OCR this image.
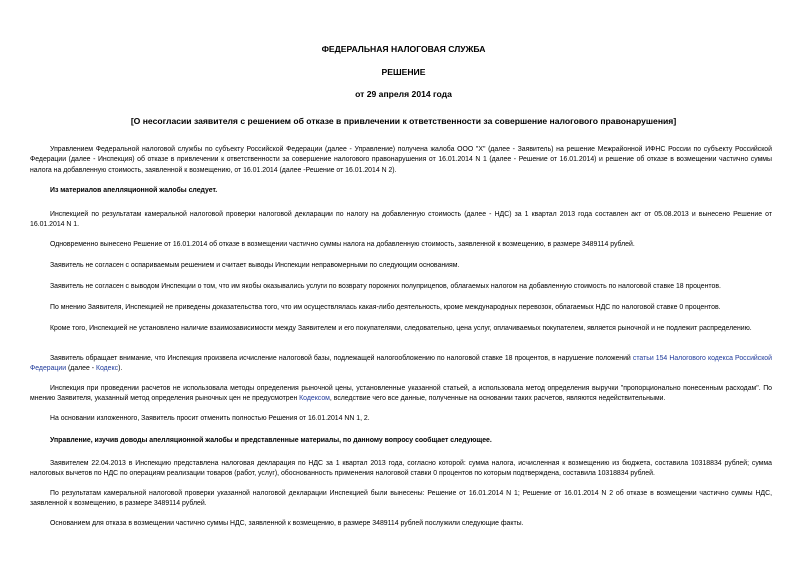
ФЕДЕРАЛЬНАЯ НАЛОГОВАЯ СЛУЖБА
РЕШЕНИЕ
от 29 апреля 2014 года
[О несогласии заявителя с решением об отказе в привлечении к ответственности за совершение налогового правонарушения]
Управлением Федеральной налоговой службы по субъекту Российской Федерации (далее - Управление) получена жалоба ООО "Х" (далее - Заявитель) на решение Межрайонной ИФНС России по субъекту Российской Федерации (далее - Инспекция) об отказе в привлечении к ответственности за совершение налогового правонарушения от 16.01.2014 N 1 (далее - Решение от 16.01.2014) и решение об отказе в возмещении частично суммы налога на добавленную стоимость, заявленной к возмещению, от 16.01.2014 (далее -Решение от 16.01.2014 N 2).
Из материалов апелляционной жалобы следует.
Инспекцией по результатам камеральной налоговой проверки налоговой декларации по налогу на добавленную стоимость (далее - НДС) за 1 квартал 2013 года составлен акт от 05.08.2013 и вынесено Решение от 16.01.2014 N 1.
Одновременно вынесено Решение от 16.01.2014 об отказе в возмещении частично суммы налога на добавленную стоимость, заявленной к возмещению, в размере 3489114 рублей.
Заявитель не согласен с оспариваемым решением и считает выводы Инспекции неправомерными по следующим основаниям.
Заявитель не согласен с выводом Инспекции о том, что им якобы оказывались услуги по возврату порожних полуприцепов, облагаемых налогом на добавленную стоимость по налоговой ставке 18 процентов.
По мнению Заявителя, Инспекцией не приведены доказательства того, что им осуществлялась какая-либо деятельность, кроме международных перевозок, облагаемых НДС по налоговой ставке 0 процентов.
Кроме того, Инспекцией не установлено наличие взаимозависимости между Заявителем и его покупателями, следовательно, цена услуг, оплачиваемых покупателем, является рыночной и не подлежит распределению.
Заявитель обращает внимание, что Инспекция произвела исчисление налоговой базы, подлежащей налогообложению по налоговой ставке 18 процентов, в нарушение положений статьи 154 Налогового кодекса Российской Федерации (далее - Кодекс).
Инспекция при проведении расчетов не использовала методы определения рыночной цены, установленные указанной статьей, а использовала метод определения выручки "пропорционально понесенным расходам". По мнению Заявителя, указанный метод определения рыночных цен не предусмотрен Кодексом, вследствие чего все данные, полученные на основании таких расчетов, являются недействительными.
На основании изложенного, Заявитель просит отменить полностью Решения от 16.01.2014 NN 1, 2.
Управление, изучив доводы апелляционной жалобы и представленные материалы, по данному вопросу сообщает следующее.
Заявителем 22.04.2013 в Инспекцию представлена налоговая декларация по НДС за 1 квартал 2013 года, согласно которой: сумма налога, исчисленная к возмещению из бюджета, составила 10318834 рублей; сумма налоговых вычетов по НДС по операциям реализации товаров (работ, услуг), обоснованность применения налоговой ставки 0 процентов по которым подтверждена, составила 10318834 рублей.
По результатам камеральной налоговой проверки указанной налоговой декларации Инспекцией были вынесены: Решение от 16.01.2014 N 1; Решение от 16.01.2014 N 2 об отказе в возмещении частично суммы НДС, заявленной к возмещению, в размере 3489114 рублей.
Основанием для отказа в возмещении частично суммы НДС, заявленной к возмещению, в размере 3489114 рублей послужили следующие факты.
